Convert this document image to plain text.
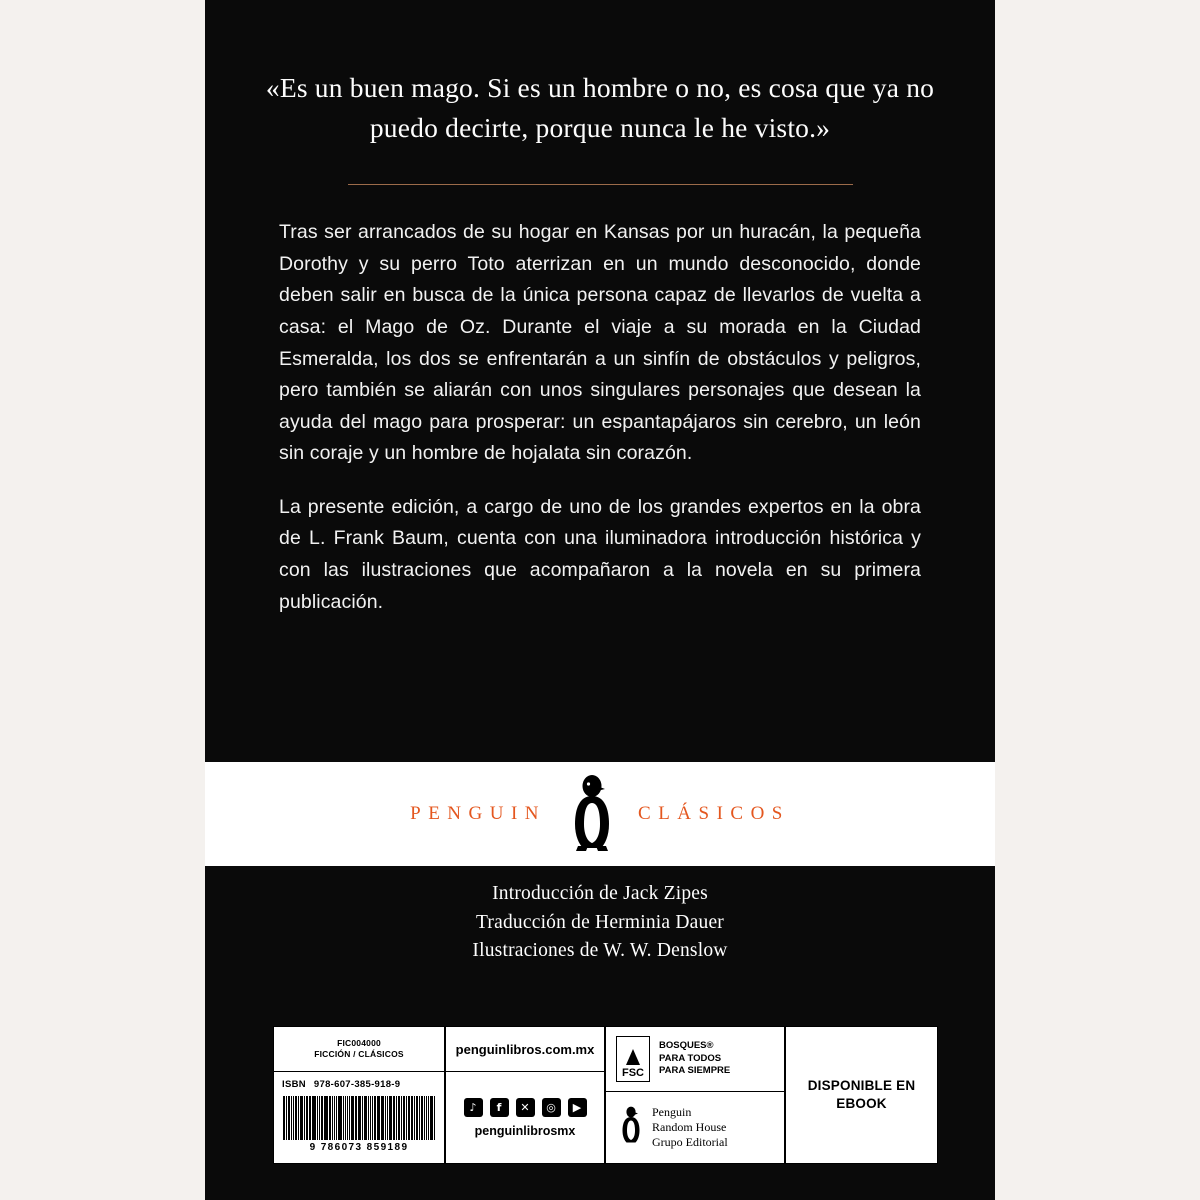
«Es un buen mago. Si es un hombre o no, es cosa que ya no puedo decirte, porque nunca le he visto.»

Tras ser arrancados de su hogar en Kansas por un huracán, la pequeña Dorothy y su perro Toto aterrizan en un mundo desconocido, donde deben salir en busca de la única persona capaz de llevarlos de vuelta a casa: el Mago de Oz. Durante el viaje a su morada en la Ciudad Esmeralda, los dos se enfrentarán a un sinfín de obstáculos y peligros, pero también se aliarán con unos singulares personajes que desean la ayuda del mago para prosperar: un espantapájaros sin cerebro, un león sin coraje y un hombre de hojalata sin corazón.

La presente edición, a cargo de uno de los grandes expertos en la obra de L. Frank Baum, cuenta con una iluminadora introducción histórica y con las ilustraciones que acompañaron a la novela en su primera publicación.

PENGUIN	CLÁSICOS
Introducción de Jack Zipes
Traducción de Herminia Dauer
Ilustraciones de W. W. Denslow
FIC004000
FICCIÓN / CLÁSICOS
ISBN 978-607-385-918-9
9 786073 859189
penguinlibros.com.mx
♪	f	✕	◎	▶
penguinlibrosmx
FSC
BOSQUES®
PARA TODOS
PARA SIEMPRE
Penguin
Random House
Grupo Editorial
DISPONIBLE EN
EBOOK
